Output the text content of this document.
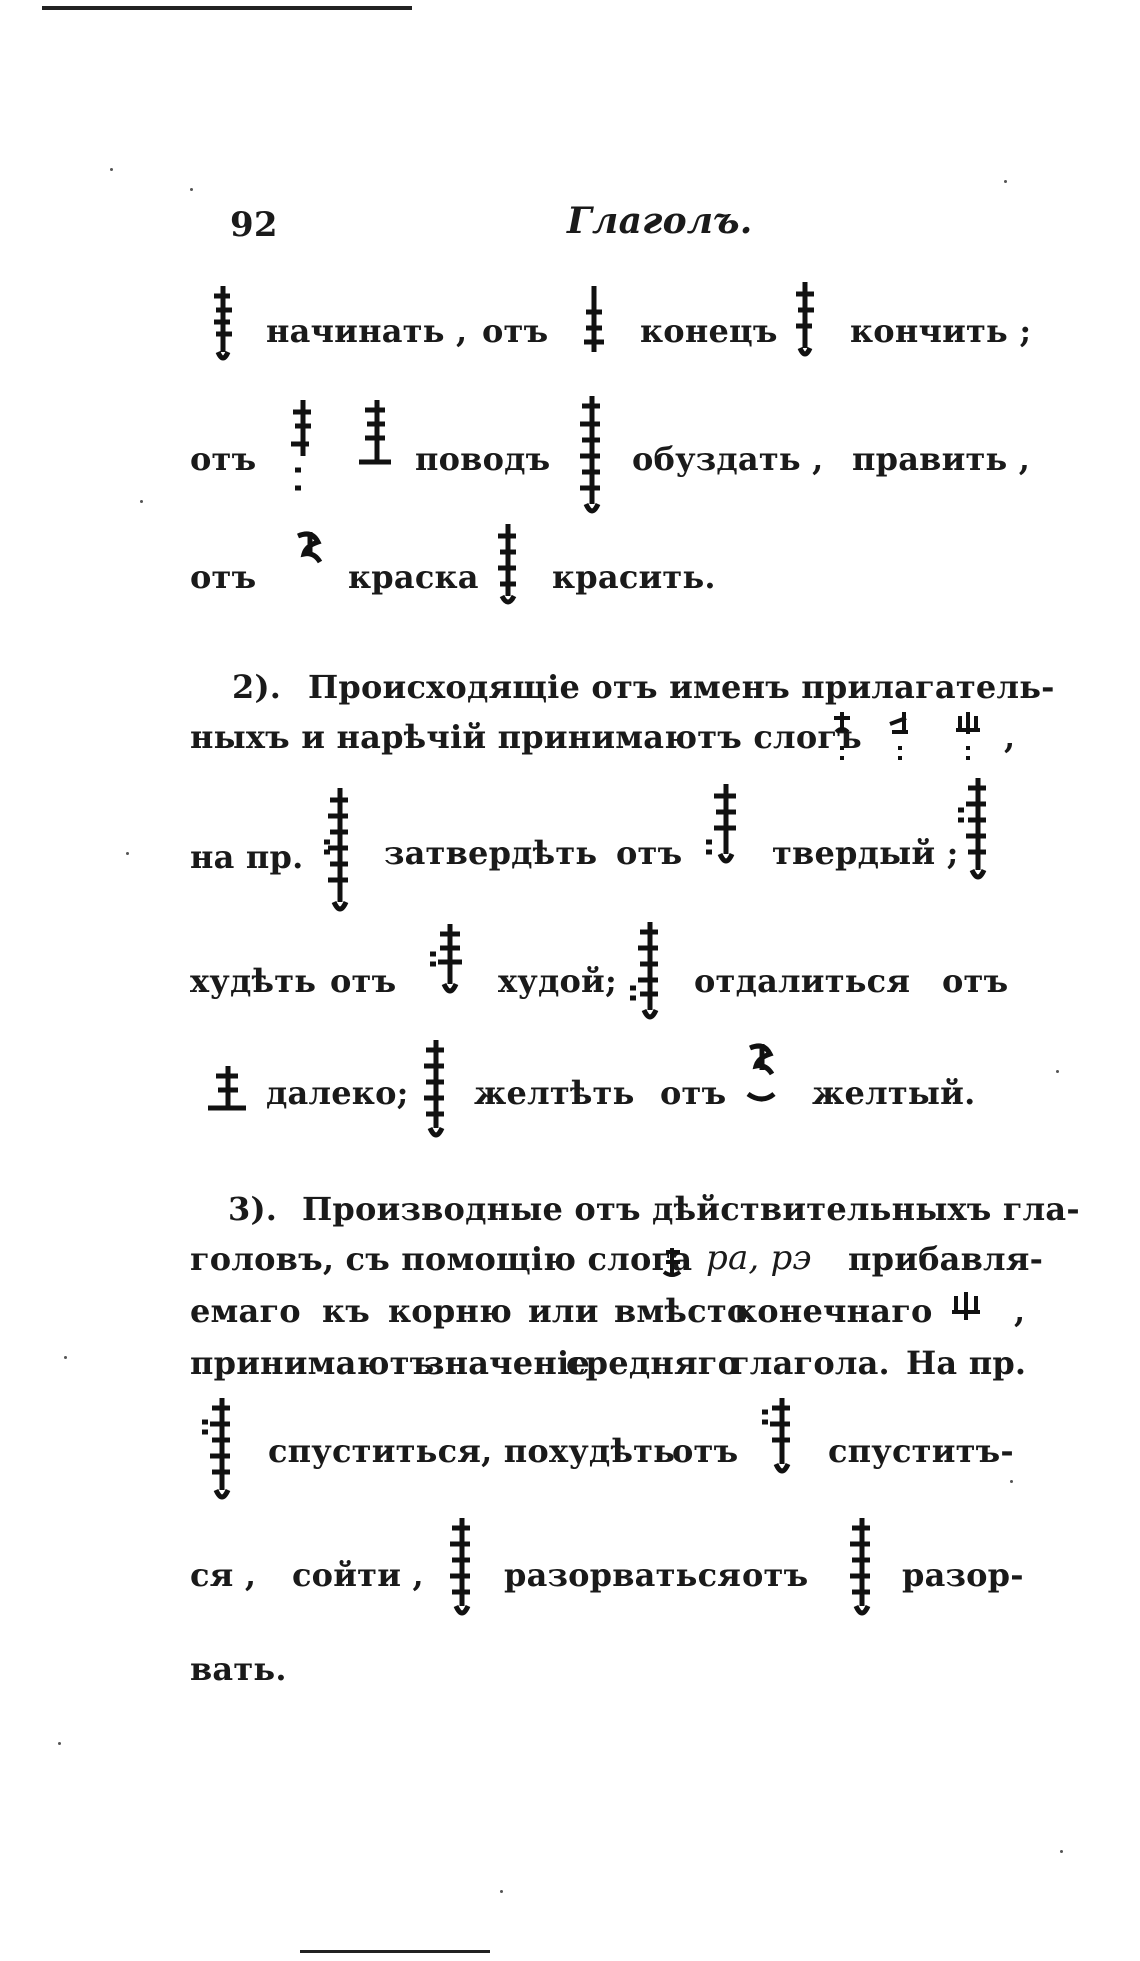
92	Глаголъ.
начинать , отъ	конецъ кончить ;
отъ	поводъ	обуздать , править ,
отъ	краска красить.
2). Происходящіе отъ именъ прилагатель-
ныхъ и нарѣчій принимаютъ слогъ	,
на пр.	затвердѣть отъ	твердый ;
худѣть отъ	худой; отдалиться отъ
далеко; желтѣть отъ	желтый.
3). Производные отъ дѣйствительныхъ гла-
головъ, съ помощію слога ра, рэ прибавля-
емаго къ корню или вмѣсто
конечнаго	,
принимаютъ
значеніе
средняго
глагола. На пр.
спуститься, похудѣть
отъ	спуститъ-
ся , сойти ,	разорваться отъ	разор-
вать.
